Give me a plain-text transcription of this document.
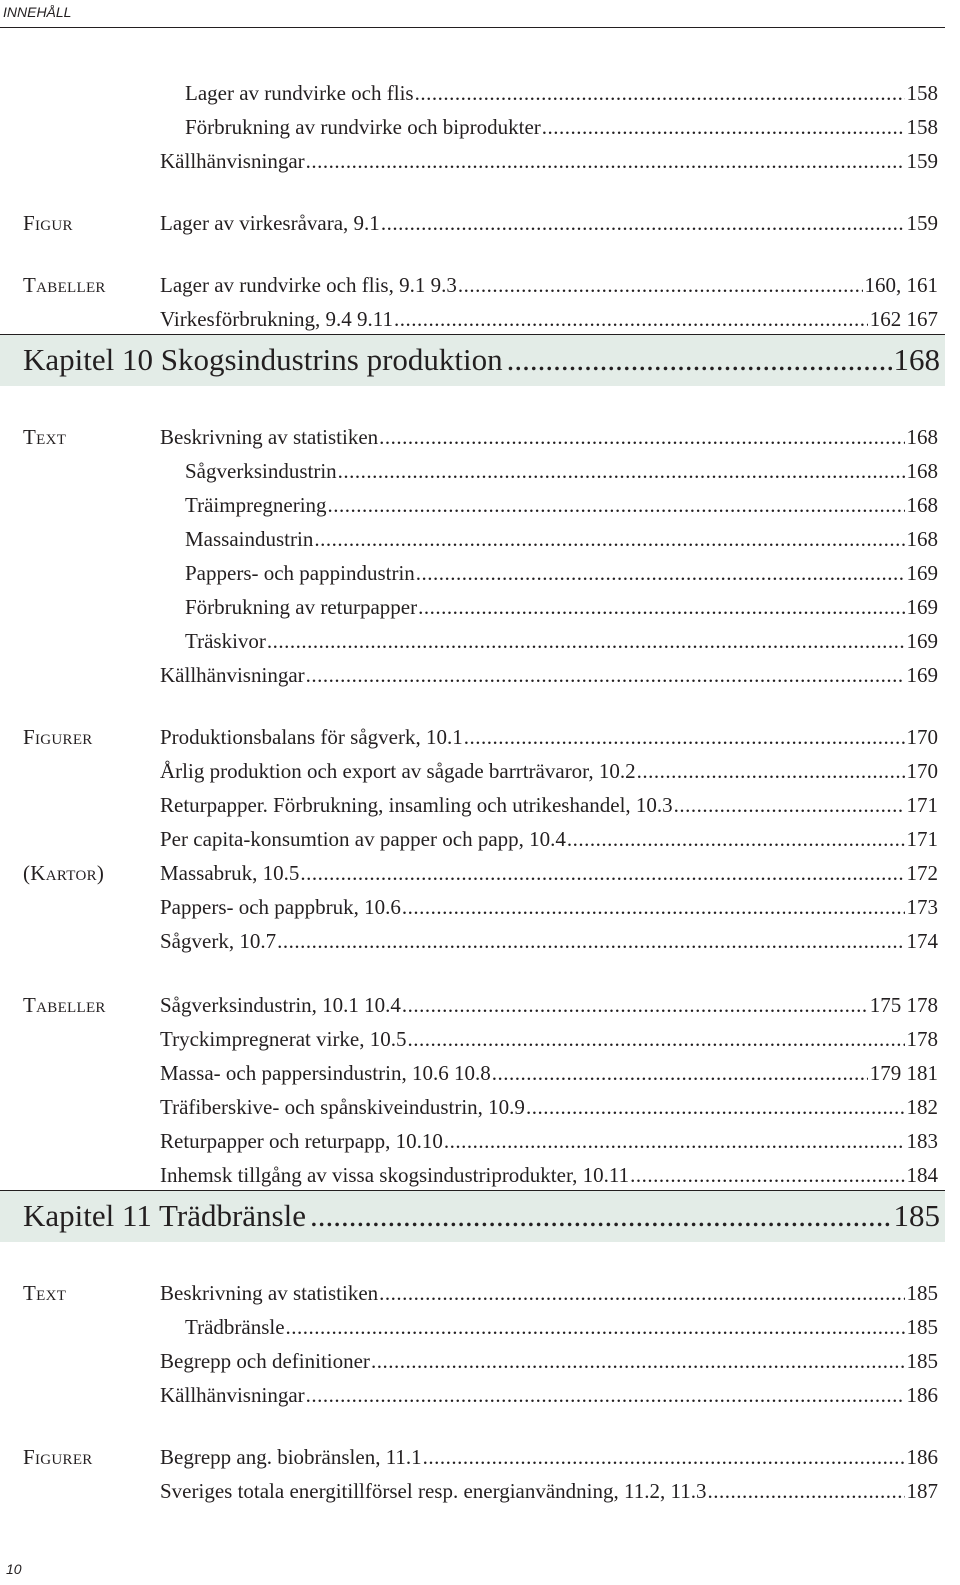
INNEHÅLL
Lager av rundvirke och flis .....	158
Förbrukning av rundvirke och biprodukter .....	158
Källhänvisningar .....	159
Figur	Lager av virkesråvara, 9.1 .....	159
Tabeller	Lager av rundvirke och flis, 9.1 9.3 .....	160, 161
Virkesförbrukning, 9.4 9.11 .....	162 167
Kapitel 10 Skogsindustrins produktion .....	168
Text	Beskrivning av statistiken .....	168
Sågverksindustrin .....	168
Träimpregnering .....	168
Massaindustrin .....	168
Pappers- och pappindustrin .....	169
Förbrukning av returpapper .....	169
Träskivor .....	169
Källhänvisningar .....	169
Figurer	Produktionsbalans för sågverk, 10.1 .....	170
Årlig produktion och export av sågade barrträvaror, 10.2 .....	170
Returpapper. Förbrukning, insamling och utrikeshandel, 10.3 .....	171
Per capita-konsumtion av papper och papp, 10.4 .....	171
(Kartor)	Massabruk, 10.5 .....	172
Pappers- och pappbruk, 10.6 .....	173
Sågverk, 10.7 .....	174
Tabeller	Sågverksindustrin, 10.1 10.4 .....	175 178
Tryckimpregnerat virke, 10.5 .....	178
Massa- och pappersindustrin, 10.6 10.8 .....	179 181
Träfiberskive- och spånskiveindustrin, 10.9 .....	182
Returpapper och returpapp, 10.10 .....	183
Inhemsk tillgång av vissa skogsindustriprodukter, 10.11 .....	184
Kapitel 11 Trädbränsle .....	185
Text	Beskrivning av statistiken .....	185
Trädbränsle .....	185
Begrepp och definitioner .....	185
Källhänvisningar .....	186
Figurer	Begrepp ang. biobränslen, 11.1 .....	186
Sveriges totala energitillförsel resp. energianvändning, 11.2, 11.3 .....	187
10
